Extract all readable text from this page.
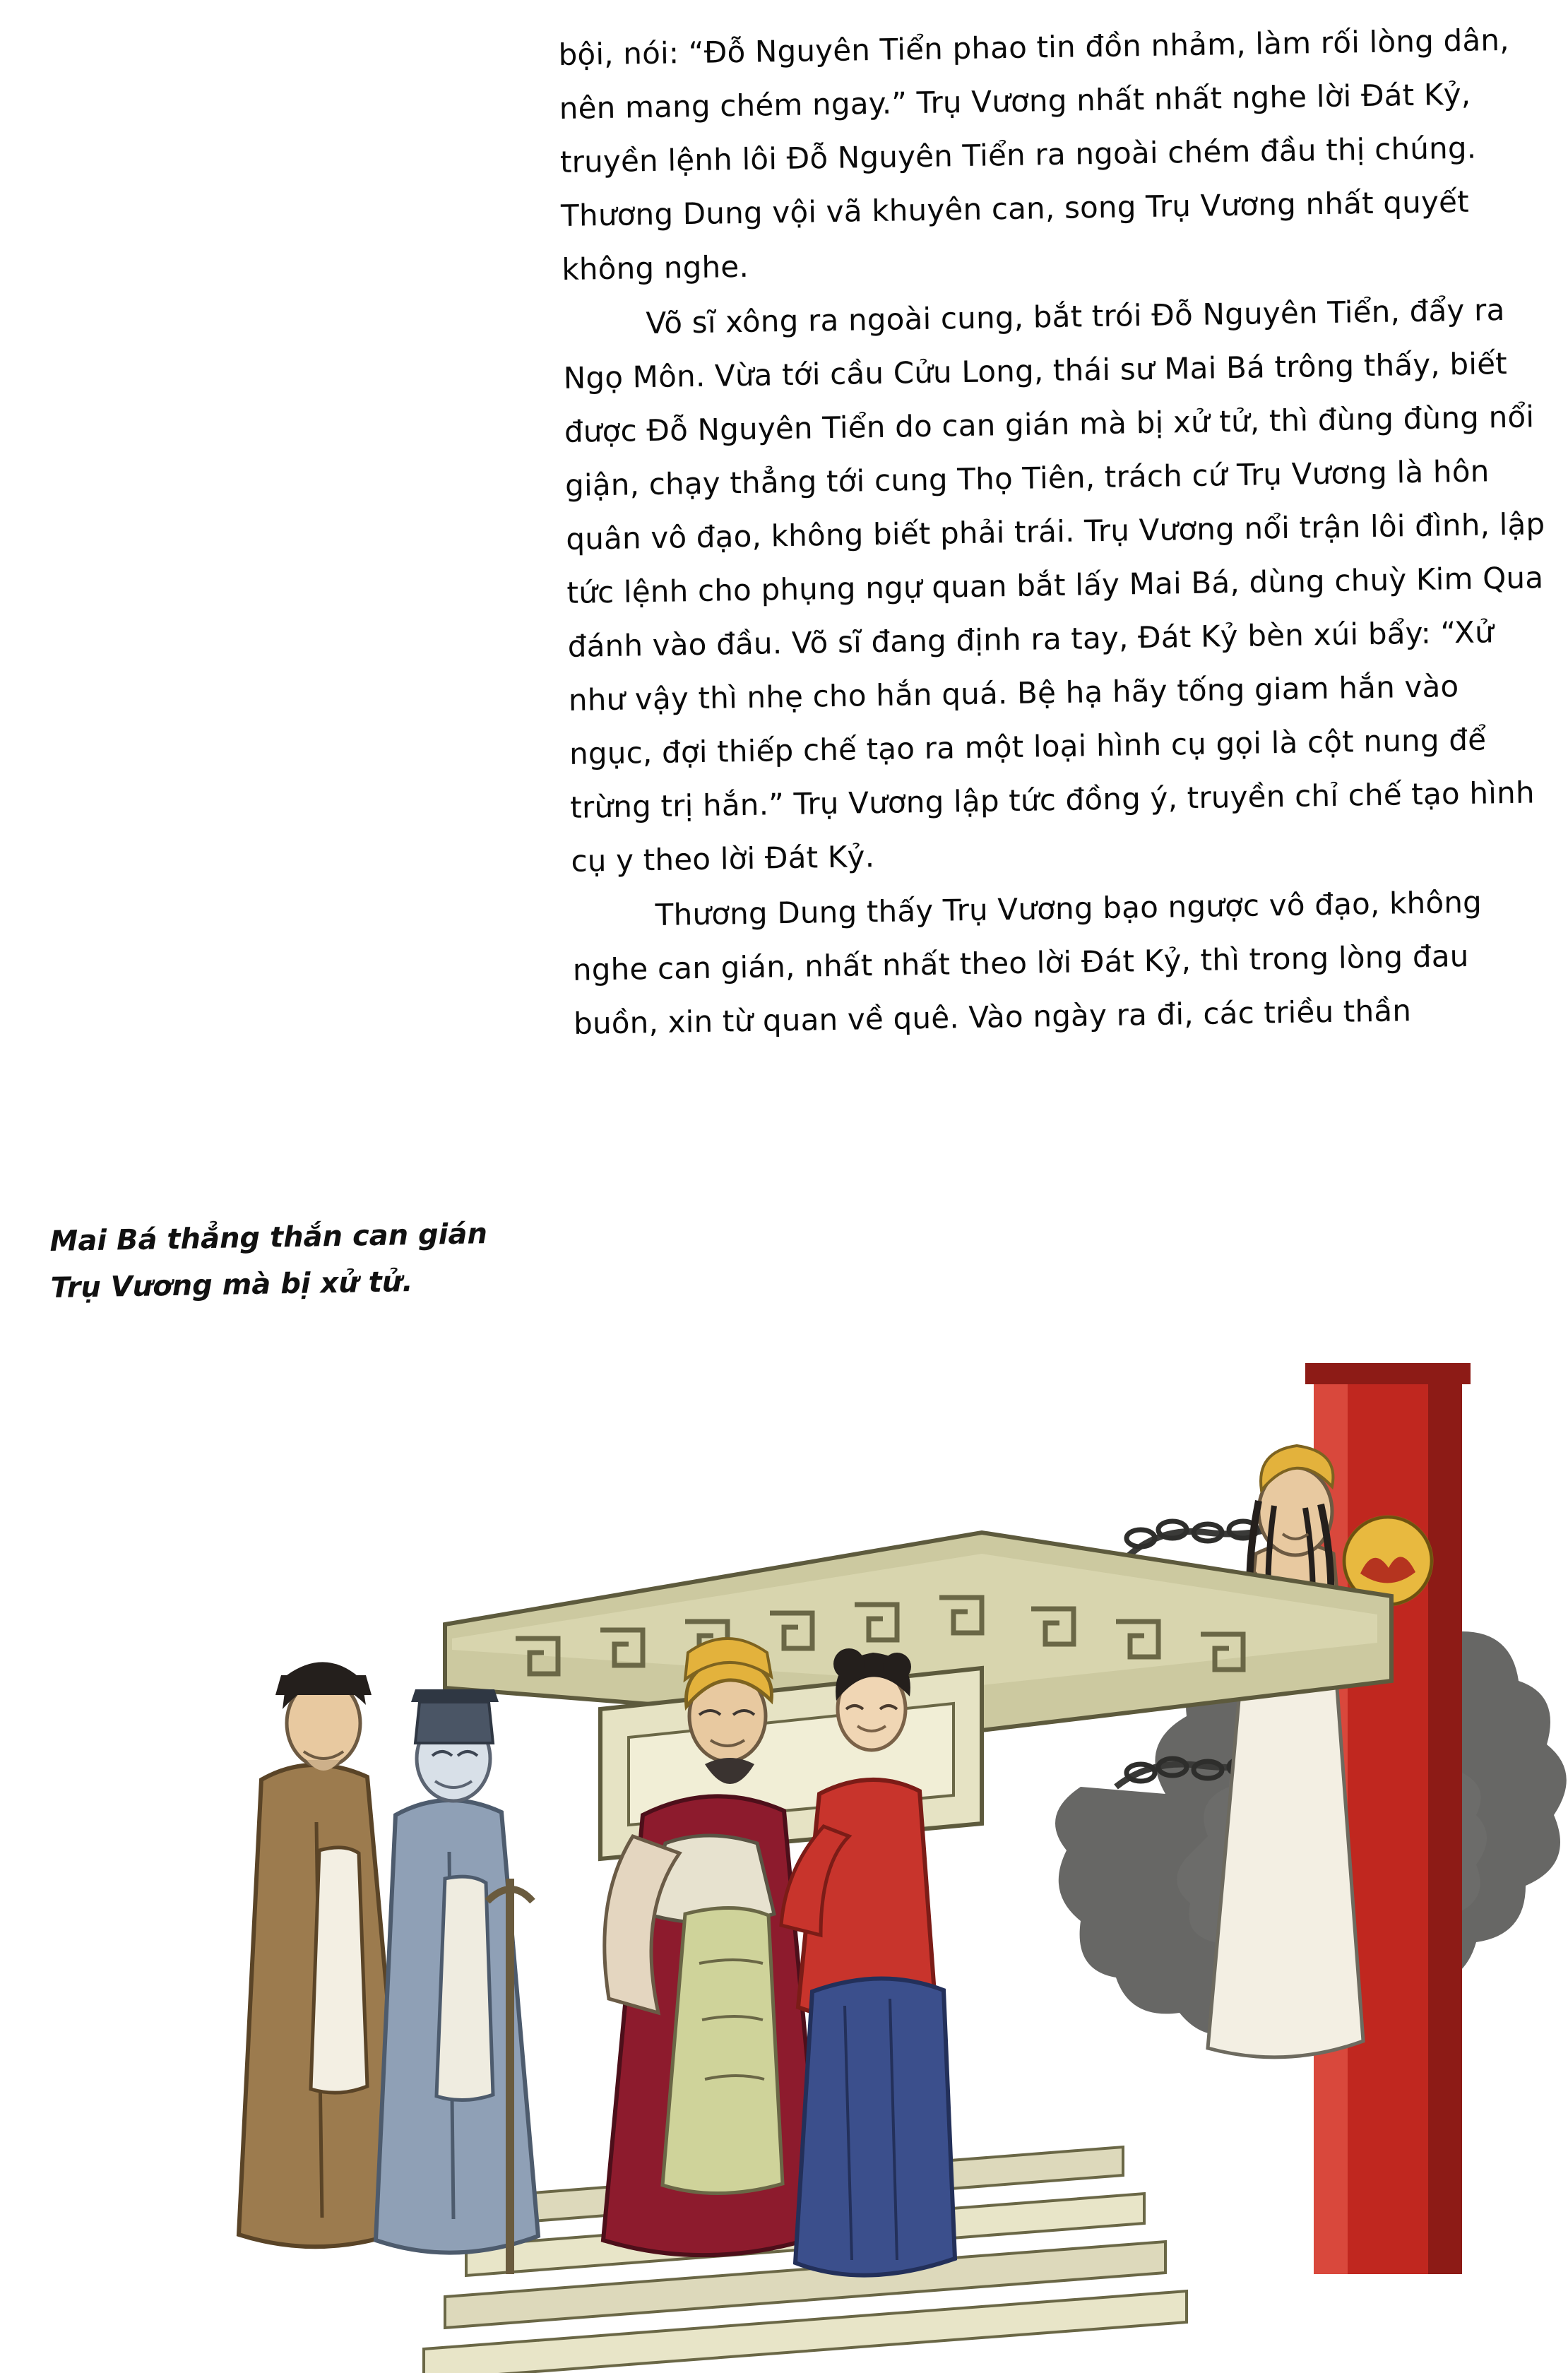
bội, nói: “Đỗ Nguyên Tiển phao tin đồn nhảm, làm rối lòng dân, nên mang chém ngay.” Trụ Vương nhất nhất nghe lời Đát Kỷ, truyền lệnh lôi Đỗ Nguyên Tiển ra ngoài chém đầu thị chúng. Thương Dung vội vã khuyên can, song Trụ Vương nhất quyết không nghe.

Võ sĩ xông ra ngoài cung, bắt trói Đỗ Nguyên Tiển, đẩy ra Ngọ Môn. Vừa tới cầu Cửu Long, thái sư Mai Bá trông thấy, biết được Đỗ Nguyên Tiển do can gián mà bị xử tử, thì đùng đùng nổi giận, chạy thẳng tới cung Thọ Tiên, trách cứ Trụ Vương là hôn quân vô đạo, không biết phải trái. Trụ Vương nổi trận lôi đình, lập tức lệnh cho phụng ngự quan bắt lấy Mai Bá, dùng chuỳ Kim Qua đánh vào đầu. Võ sĩ đang định ra tay, Đát Kỷ bèn xúi bẩy: “Xử như vậy thì nhẹ cho hắn quá. Bệ hạ hãy tống giam hắn vào ngục, đợi thiếp chế tạo ra một loại hình cụ gọi là cột nung để trừng trị hắn.” Trụ Vương lập tức đồng ý, truyền chỉ chế tạo hình cụ y theo lời Đát Kỷ.

Thương Dung thấy Trụ Vương bạo ngược vô đạo, không nghe can gián, nhất nhất theo lời Đát Kỷ, thì trong lòng đau buồn, xin từ quan về quê. Vào ngày ra đi, các triều thần

Mai Bá thẳng thắn can gián Trụ Vương mà bị xử tử.
